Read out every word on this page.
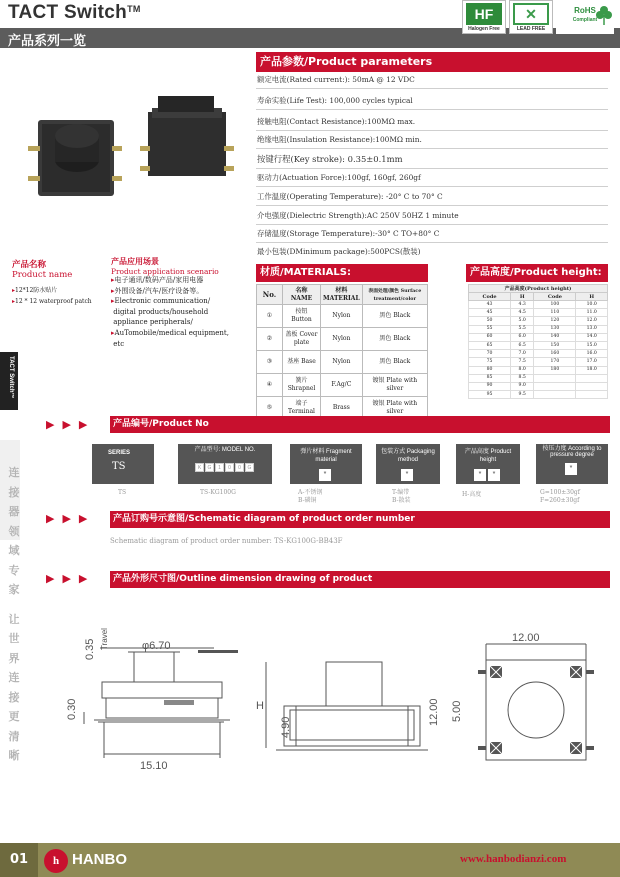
TACT Switch™
产品系列一览
HF
Halogen Free
✕
LEAD FREE
RoHS
Compliant
产品名称
Product name
▸12*12防水贴片
▸12 * 12 waterproof patch
产品应用场景
Product application scenario
▸电子通讯/数码产品/家用电器
▸外围设备/汽车/医疗设备等。
▸Electronic communication/
digital products/household
appliance peripherals/
▸AuTomobile/medical equipment,
etc
产品参数/Product parameters
额定电流(Rated current:): 50mA @ 12 VDC
寿命实验(Life Test): 100,000 cycles typical
接触电阻(Contact Resistance):100MΩ max.
绝缘电阻(Insulation Resistance):100MΩ min.
按键行程(Key stroke): 0.35±0.1mm
驱动力(Actuation Force):100gf, 160gf, 260gf
工作温度(Operating Temperature): -20° C to 70° C
介电强度(Dielectric Strength):AC 250V 50HZ 1 minute
存储温度(Storage Temperature):-30° C TO+80° C
最小包装(DMinimum package):500PCS(散装)
材质/MATERIALS:
No.	名称 NAME	材料 MATERIAL	表面处理/颜色 Surface treatment/color
①	按钮 Button	Nylon	黑色 Black
②	盖板 Cover plate	Nylon	黑色 Black
③	基座 Base	Nylon	黑色 Black
④	簧片 Shrapnel	F.Ag/C	镀银 Plate with silver
⑤	端子 Terminal	Brass	镀银 Plate with silver
产品高度/Product height:
产品高度(Product height)			
Code	H	Code	H
43	4.3	100	10.0
45	4.5	110	11.0
50	5.0	120	12.0
55	5.5	130	13.0
60	6.0	140	14.0
65	6.5	150	15.0
70	7.0	160	16.0
75	7.5	170	17.0
80	8.0	180	18.0
85	8.5		
90	9.0		
95	9.5		
TACT Switch™
连
接
器
领
域
专
家
让
世
界
连
接
更
清
晰
▶▶▶	产品编号/Product No
SERIES
TS
产品型号: MODEL NO.
K G 1 0 0 G
弹片材料 Fragment material
*
包装方式 Packaging method
*
产品高度 Product height
* *
按压力度 According to pressure degree
*
TS	TS-KG100G	A-不锈钢
B-磷铜
T-编带
B-散装
H-高度	G=100±30gf
F=260±30gf
▶▶▶	产品订购号示意图/Schematic diagram of product order number
Schematic diagram of product order number: TS-KG100G-BB43F
▶▶▶	产品外形尺寸图/Outline dimension drawing of product
0.35 Travel	φ6.70
0.30
15.10
H
4.90
12.00
12.00
5.00
01	h HANBO	www.hanbodianzi.com
